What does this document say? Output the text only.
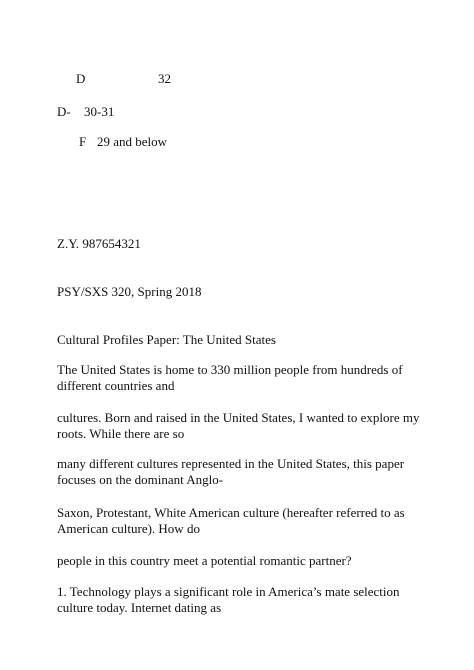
D	32
D- 30-31
F 29 and below
Z.Y. 987654321
PSY/SXS 320, Spring 2018
Cultural Profiles Paper: The United States
The United States is home to 330 million people from hundreds of different countries and
cultures. Born and raised in the United States, I wanted to explore my roots. While there are so
many different cultures represented in the United States, this paper focuses on the dominant Anglo-
Saxon, Protestant, White American culture (hereafter referred to as American culture). How do
people in this country meet a potential romantic partner?
1. Technology plays a significant role in America’s mate selection culture today. Internet dating as
